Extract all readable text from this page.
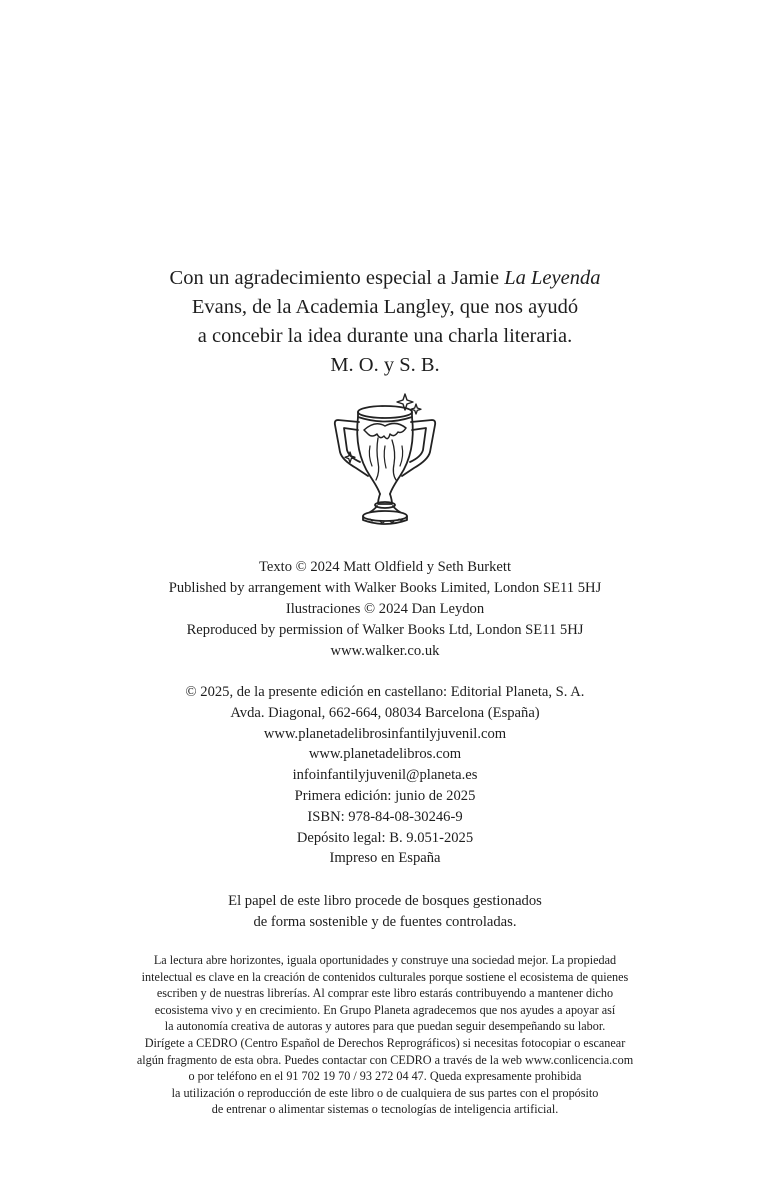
Con un agradecimiento especial a Jamie La Leyenda
Evans, de la Academia Langley, que nos ayudó
a concebir la idea durante una charla literaria.
M. O. y S. B.
Texto © 2024 Matt Oldfield y Seth Burkett
Published by arrangement with Walker Books Limited, London SE11 5HJ
Ilustraciones © 2024 Dan Leydon
Reproduced by permission of Walker Books Ltd, London SE11 5HJ
www.walker.co.uk
© 2025, de la presente edición en castellano: Editorial Planeta, S. A.
Avda. Diagonal, 662-664, 08034 Barcelona (España)
www.planetadelibrosinfantilyjuvenil.com
www.planetadelibros.com
infoinfantilyjuvenil@planeta.es
Primera edición: junio de 2025
ISBN: 978-84-08-30246-9
Depósito legal: B. 9.051-2025
Impreso en España
El papel de este libro procede de bosques gestionados
de forma sostenible y de fuentes controladas.
La lectura abre horizontes, iguala oportunidades y construye una sociedad mejor. La propiedad
intelectual es clave en la creación de contenidos culturales porque sostiene el ecosistema de quienes
escriben y de nuestras librerías. Al comprar este libro estarás contribuyendo a mantener dicho
ecosistema vivo y en crecimiento. En Grupo Planeta agradecemos que nos ayudes a apoyar así
la autonomía creativa de autoras y autores para que puedan seguir desempeñando su labor.
Dirígete a CEDRO (Centro Español de Derechos Reprográficos) si necesitas fotocopiar o escanear
algún fragmento de esta obra. Puedes contactar con CEDRO a través de la web www.conlicencia.com
o por teléfono en el 91 702 19 70 / 93 272 04 47. Queda expresamente prohibida
la utilización o reproducción de este libro o de cualquiera de sus partes con el propósito
de entrenar o alimentar sistemas o tecnologías de inteligencia artificial.
